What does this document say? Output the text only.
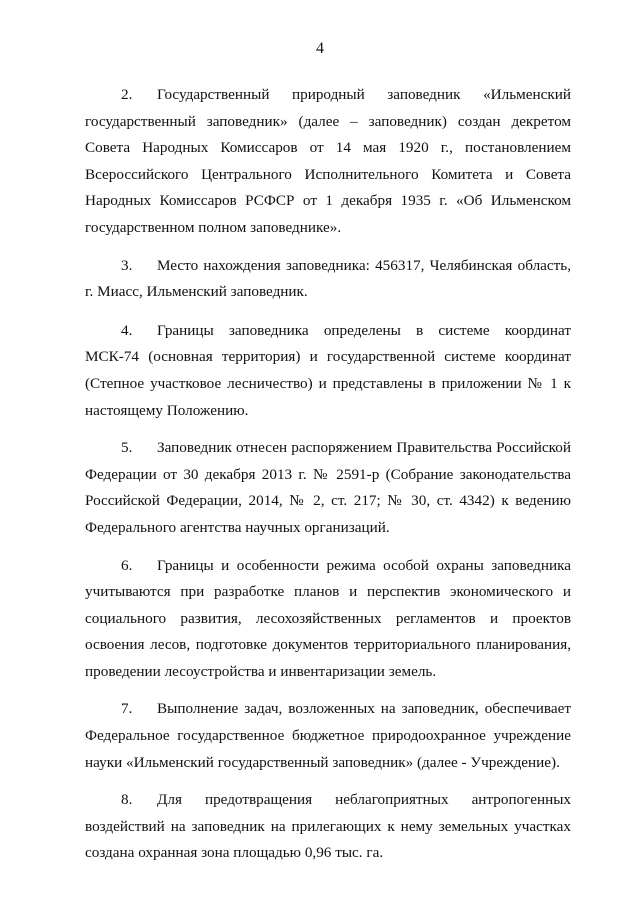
4

2. Государственный природный заповедник «Ильменский государственный заповедник» (далее – заповедник) создан декретом Совета Народных Комиссаров от 14 мая 1920 г., постановлением Всероссийского Центрального Исполнительного Комитета и Совета Народных Комиссаров РСФСР от 1 декабря 1935 г. «Об Ильменском государственном полном заповеднике».

3. Место нахождения заповедника: 456317, Челябинская область, г. Миасс, Ильменский заповедник.

4. Границы заповедника определены в системе координат МСК-74 (основная территория) и государственной системе координат (Степное участковое лесничество) и представлены в приложении № 1 к настоящему Положению.

5. Заповедник отнесен распоряжением Правительства Российской Федерации от 30 декабря 2013 г. № 2591-р (Собрание законодательства Российской Федерации, 2014, № 2, ст. 217; № 30, ст. 4342) к ведению Федерального агентства научных организаций.

6. Границы и особенности режима особой охраны заповедника учитываются при разработке планов и перспектив экономического и социального развития, лесохозяйственных регламентов и проектов освоения лесов, подготовке документов территориального планирования, проведении лесоустройства и инвентаризации земель.

7. Выполнение задач, возложенных на заповедник, обеспечивает Федеральное государственное бюджетное природоохранное учреждение науки «Ильменский государственный заповедник» (далее - Учреждение).

8. Для предотвращения неблагоприятных антропогенных воздействий на заповедник на прилегающих к нему земельных участках создана охранная зона площадью 0,96 тыс. га.
